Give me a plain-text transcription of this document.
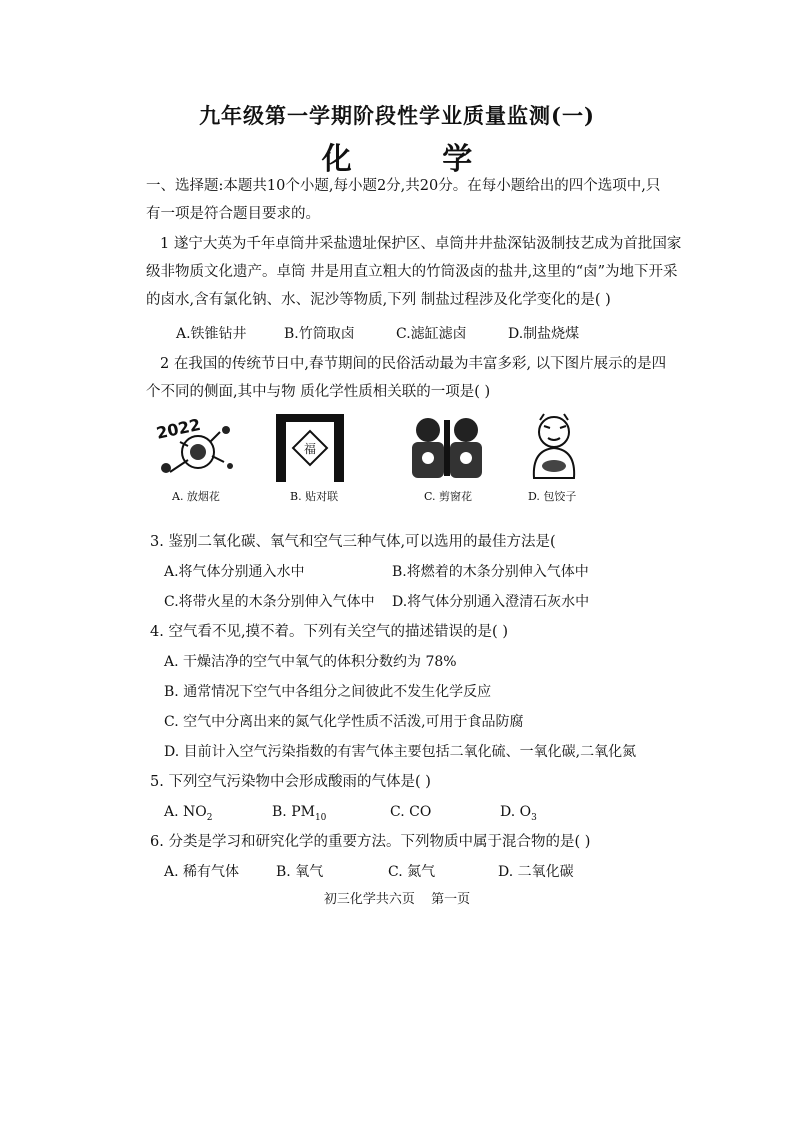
九年级第一学期阶段性学业质量监测(一)
化 学
一、选择题:本题共10个小题,每小题2分,共20分。在每小题给出的四个选项中,只
有一项是符合题目要求的。
1 遂宁大英为千年卓筒井采盐遗址保护区、卓筒井井盐深钻汲制技艺成为首批国家
级非物质文化遗产。卓筒 井是用直立粗大的竹筒汲卤的盐井,这里的“卤”为地下开采
的卤水,含有氯化钠、水、泥沙等物质,下列 制盐过程涉及化学变化的是( )
A.铁锥钻井	B.竹筒取卤	C.滤缸滤卤	D.制盐烧煤
2 在我国的传统节日中,春节期间的民俗活动最为丰富多彩, 以下图片展示的是四
个不同的侧面,其中与物 质化学性质相关联的一项是( )
2022
福
A. 放烟花	B. 贴对联	C. 剪窗花	D. 包饺子
3. 鉴别二氧化碳、氧气和空气三种气体,可以选用的最佳方法是(
A.将气体分别通入水中	B.将燃着的木条分别伸入气体中
C.将带火星的木条分别伸入气体中 D.将气体分别通入澄清石灰水中
4. 空气看不见,摸不着。下列有关空气的描述错误的是( )
A. 干燥洁净的空气中氧气的体积分数约为 78%
B. 通常情况下空气中各组分之间彼此不发生化学反应
C. 空气中分离出来的氮气化学性质不活泼,可用于食品防腐
D. 目前计入空气污染指数的有害气体主要包括二氧化硫、一氧化碳,二氧化氮
5. 下列空气污染物中会形成酸雨的气体是( )
A. $NO_2$	B. $PM_{10}$	C. CO	D. $O_3$
6. 分类是学习和研究化学的重要方法。下列物质中属于混合物的是( )
A. 稀有气体	B. 氧气	C. 氮气	D. 二氧化碳
初三化学共六页 第一页
